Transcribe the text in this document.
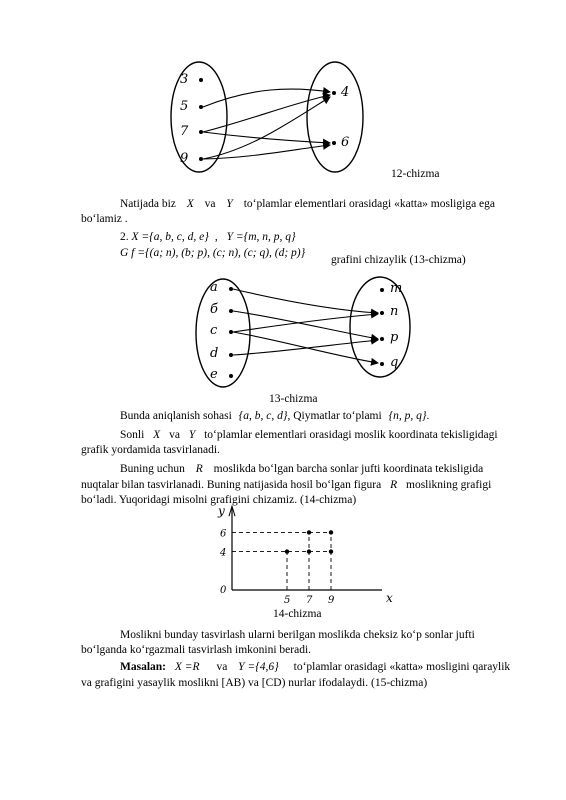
3
5
7
9
4
6
12-chizma
Natijada biz X va Y to‘plamlar elementlari orasidagi «katta» mosligiga ega
bo‘lamiz .
2. X ={a, b, c, d, e} , Y ={m, n, p, q}
G f ={(a; n), (b; p), (c; n), (c; q), (d; p)}
grafini chizaylik (13-chizma)
a
б
c
d
e
m
n
p
q
13-chizma
Bunda aniqlanish sohasi {a, b, c, d}, Qiymatlar to‘plami {n, p, q}.
Sonli X va Y to‘plamlar elementlari orasidagi moslik koordinata tekisligidagi
grafik yordamida tasvirlanadi.
Buning uchun R moslikda bo‘lgan barcha sonlar jufti koordinata tekisligida
nuqtalar bilan tasvirlanadi. Buning natijasida hosil bo‘lgan figura R moslikning grafigi
bo‘ladi. Yuqoridagi misolni grafigini chizamiz. (14-chizma)
x
y
0
5 7 9
4
6
14-chizma
Moslikni bunday tasvirlash ularni berilgan moslikda cheksiz ko‘p sonlar jufti
bo‘lganda ko‘rgazmali tasvirlash imkonini beradi.
Masalan: X =R va Y ={4,6} to‘plamlar orasidagi «katta» mosligini qaraylik
va grafigini yasaylik moslikni [AB) va [CD) nurlar ifodalaydi. (15-chizma)
